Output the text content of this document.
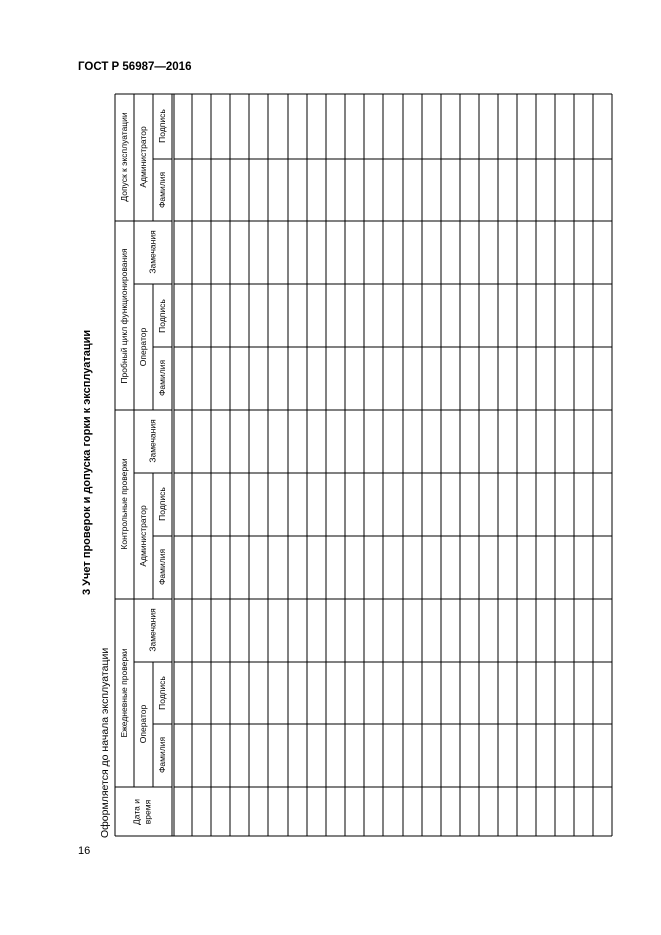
ГОСТ Р 56987—2016
3 Учет проверок и допуска горки к эксплуатации
Оформляется до начала эксплуатации Дата и время
Ежедневные проверки Оператор
Фамилия
Подпись
Замечания
Контрольные проверки Администратор
Фамилия
Подпись
Замечания
Пробный цикл функционирования Оператор
Фамилия
Подпись
Замечания
Допуск к эксплуатации Администратор
Фамилия
Подпись
16
